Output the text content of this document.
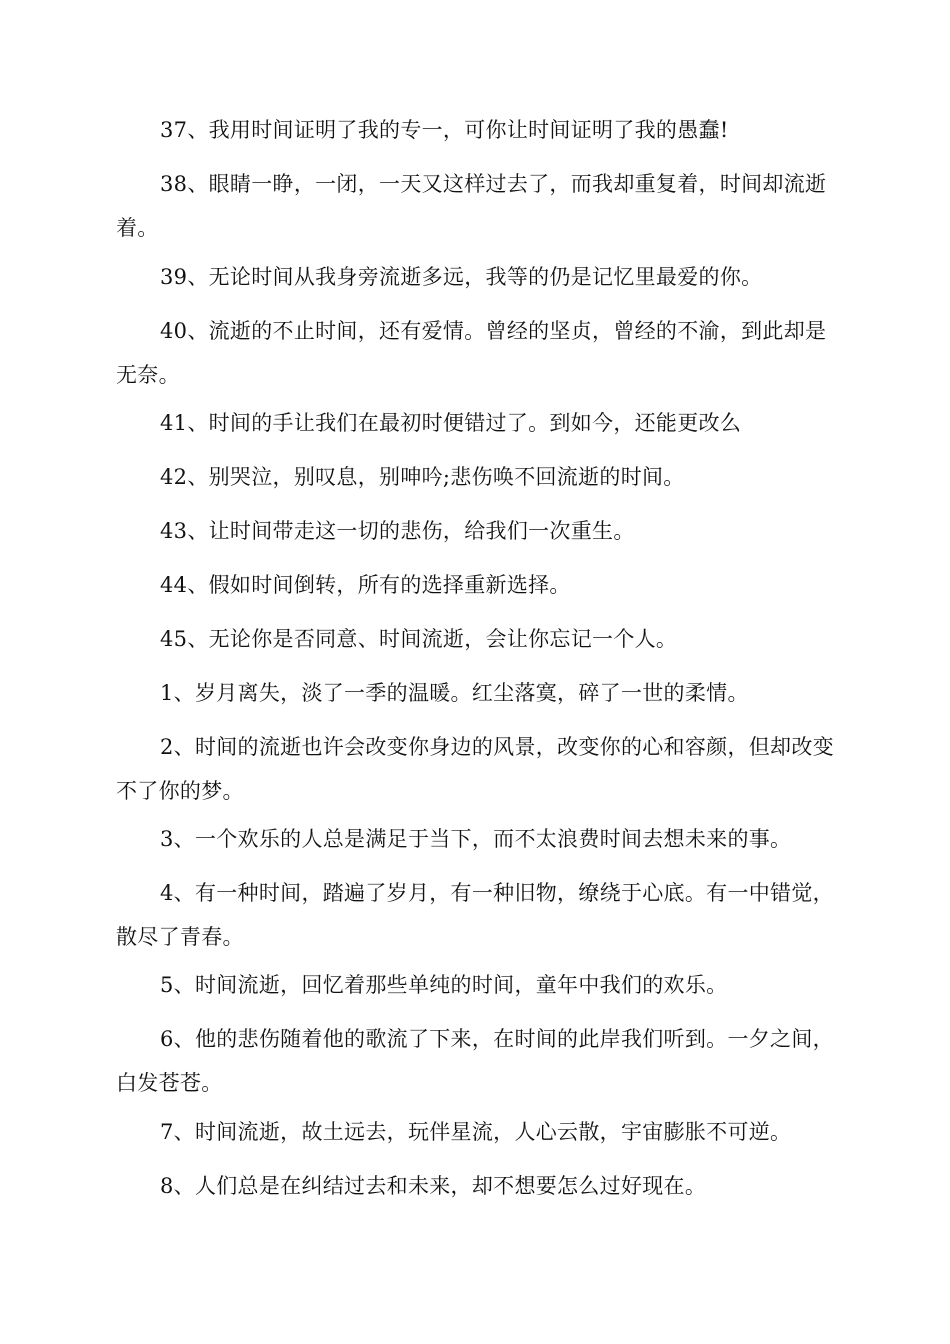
37、我用时间证明了我的专一，可你让时间证明了我的愚蠢!

38、眼睛一睁，一闭，一天又这样过去了，而我却重复着，时间却流逝着。

39、无论时间从我身旁流逝多远，我等的仍是记忆里最爱的你。

40、流逝的不止时间，还有爱情。曾经的坚贞，曾经的不渝，到此却是无奈。

41、时间的手让我们在最初时便错过了。到如今，还能更改么

42、别哭泣，别叹息，别呻吟;悲伤唤不回流逝的时间。

43、让时间带走这一切的悲伤，给我们一次重生。

44、假如时间倒转，所有的选择重新选择。

45、无论你是否同意、时间流逝，会让你忘记一个人。

1、岁月离失，淡了一季的温暖。红尘落寞，碎了一世的柔情。

2、时间的流逝也许会改变你身边的风景，改变你的心和容颜，但却改变不了你的梦。

3、一个欢乐的人总是满足于当下，而不太浪费时间去想未来的事。

4、有一种时间，踏遍了岁月，有一种旧物，缭绕于心底。有一中错觉，散尽了青春。

5、时间流逝，回忆着那些单纯的时间，童年中我们的欢乐。

6、他的悲伤随着他的歌流了下来，在时间的此岸我们听到。一夕之间，白发苍苍。

7、时间流逝，故土远去，玩伴星流，人心云散，宇宙膨胀不可逆。

8、人们总是在纠结过去和未来，却不想要怎么过好现在。
